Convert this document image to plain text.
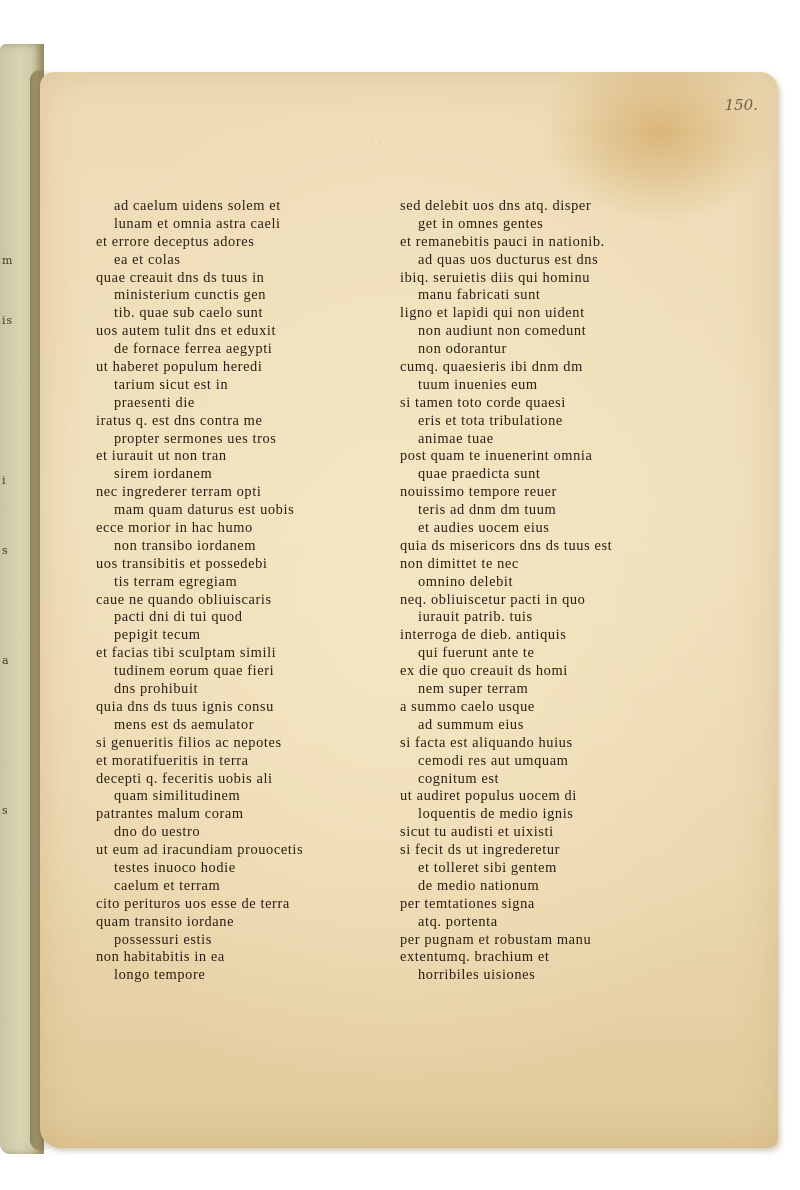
m
is
i
s
a
s
150.
. . .
ad caelum uidens solem et
lunam et omnia astra caeli
et errore deceptus adores
ea et colas
quae creauit dns ds tuus in
ministerium cunctis gen
tib. quae sub caelo sunt
uos autem tulit dns et eduxit
de fornace ferrea aegypti
ut haberet populum heredi
tarium sicut est in
praesenti die
iratus q. est dns contra me
propter sermones ues tros
et iurauit ut non tran
sirem iordanem
nec ingrederer terram opti
mam quam daturus est uobis
ecce morior in hac humo
non transibo iordanem
uos transibitis et possedebi
tis terram egregiam
caue ne quando obliuiscaris
pacti dni di tui quod
pepigit tecum
et facias tibi sculptam simili
tudinem eorum quae fieri
dns prohibuit
quia dns ds tuus ignis consu
mens est ds aemulator
si genueritis filios ac nepotes
et moratifueritis in terra
decepti q. feceritis uobis ali
quam similitudinem
patrantes malum coram
dno do uestro
ut eum ad iracundiam prouocetis
testes inuoco hodie
caelum et terram
cito perituros uos esse de terra
quam transito iordane
possessuri estis
non habitabitis in ea
longo tempore
sed delebit uos dns atq. disper
get in omnes gentes
et remanebitis pauci in nationib.
ad quas uos ducturus est dns
ibiq. seruietis diis qui hominu
manu fabricati sunt
ligno et lapidi qui non uident
non audiunt non comedunt
non odorantur
cumq. quaesieris ibi dnm dm
tuum inuenies eum
si tamen toto corde quaesi
eris et tota tribulatione
animae tuae
post quam te inuenerint omnia
quae praedicta sunt
nouissimo tempore reuer
teris ad dnm dm tuum
et audies uocem eius
quia ds misericors dns ds tuus est
non dimittet te nec
omnino delebit
neq. obliuiscetur pacti in quo
iurauit patrib. tuis
interroga de dieb. antiquis
qui fuerunt ante te
ex die quo creauit ds homi
nem super terram
a summo caelo usque
ad summum eius
si facta est aliquando huius
cemodi res aut umquam
cognitum est
ut audiret populus uocem di
loquentis de medio ignis
sicut tu audisti et uixisti
si fecit ds ut ingrederetur
et tolleret sibi gentem
de medio nationum
per temtationes signa
atq. portenta
per pugnam et robustam manu
extentumq. brachium et
horribiles uisiones
